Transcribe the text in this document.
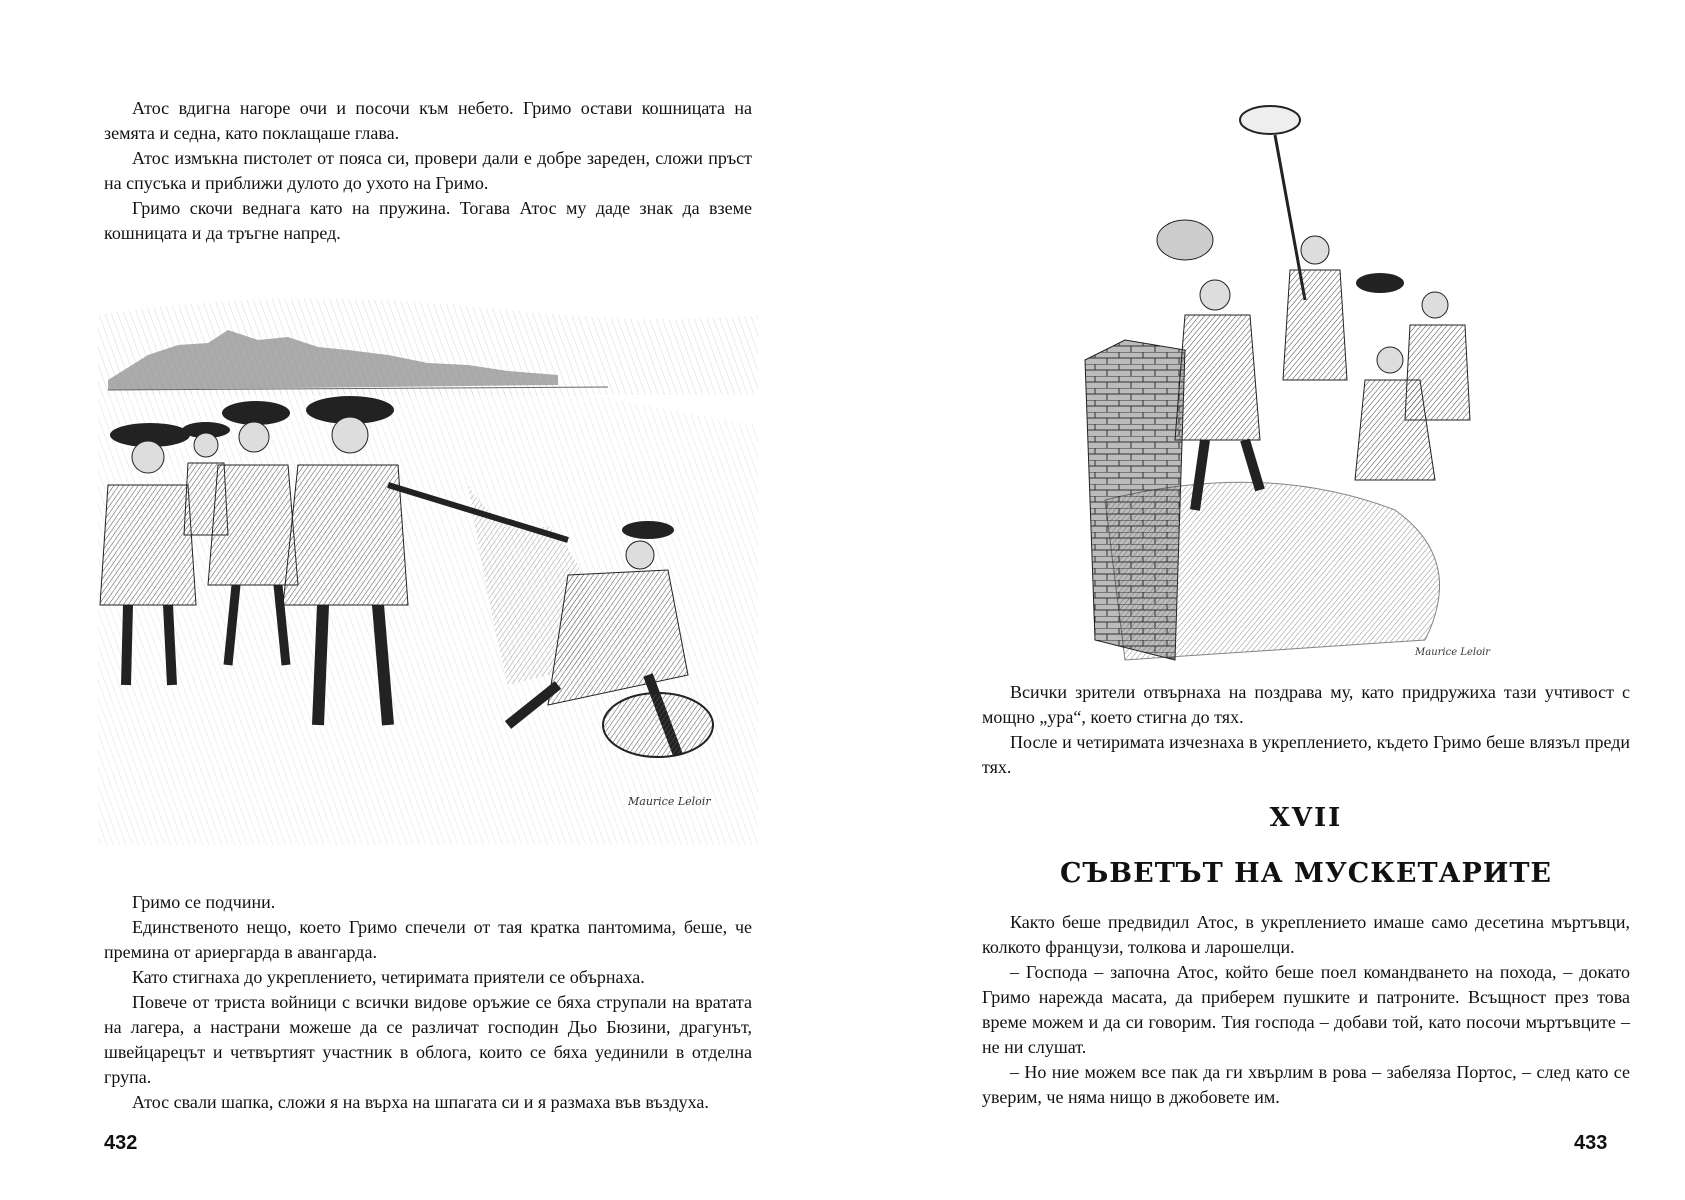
Атос вдигна нагоре очи и посочи към небето. Гримо остави кошницата на земята и седна, като поклащаше глава.

Атос измъкна пистолет от пояса си, провери дали е добре зареден, сложи пръст на спусъка и приближи дулото до ухото на Гримо.

Гримо скочи веднага като на пружина. Тогава Атос му даде знак да вземе кошницата и да тръгне напред.

Maurice Leloir

Гримо се подчини.

Единственото нещо, което Гримо спечели от тая кратка пантомима, беше, че премина от ариергарда в авангарда.

Като стигнаха до укреплението, четиримата приятели се обърнаха.

Повече от триста войници с всички видове оръжие се бяха струпали на вратата на лагера, а настрани можеше да се различат господин Дьо Бюзини, драгунът, швейцарецът и четвъртият участник в облога, които се бяха уединили в отделна група.

Атос свали шапка, сложи я на върха на шпагата си и я размаха във въздуха.

432
Maurice Leloir

Всички зрители отвърнаха на поздрава му, като придружиха тази учтивост с мощно „ура“, което стигна до тях.

После и четиримата изчезнаха в укреплението, където Гримо беше влязъл преди тях.

XVII
СЪВЕТЪТ НА МУСКЕТАРИТЕ

Както беше предвидил Атос, в укреплението имаше само десетина мъртъвци, колкото французи, толкова и ларошелци.

– Господа – започна Атос, който беше поел командването на похода, – докато Гримо нарежда масата, да приберем пушките и патроните. Всъщност през това време можем и да си говорим. Тия господа – добави той, като посочи мъртъвците – не ни слушат.

– Но ние можем все пак да ги хвърлим в рова – забеляза Портос, – след като се уверим, че няма нищо в джобовете им.

433
